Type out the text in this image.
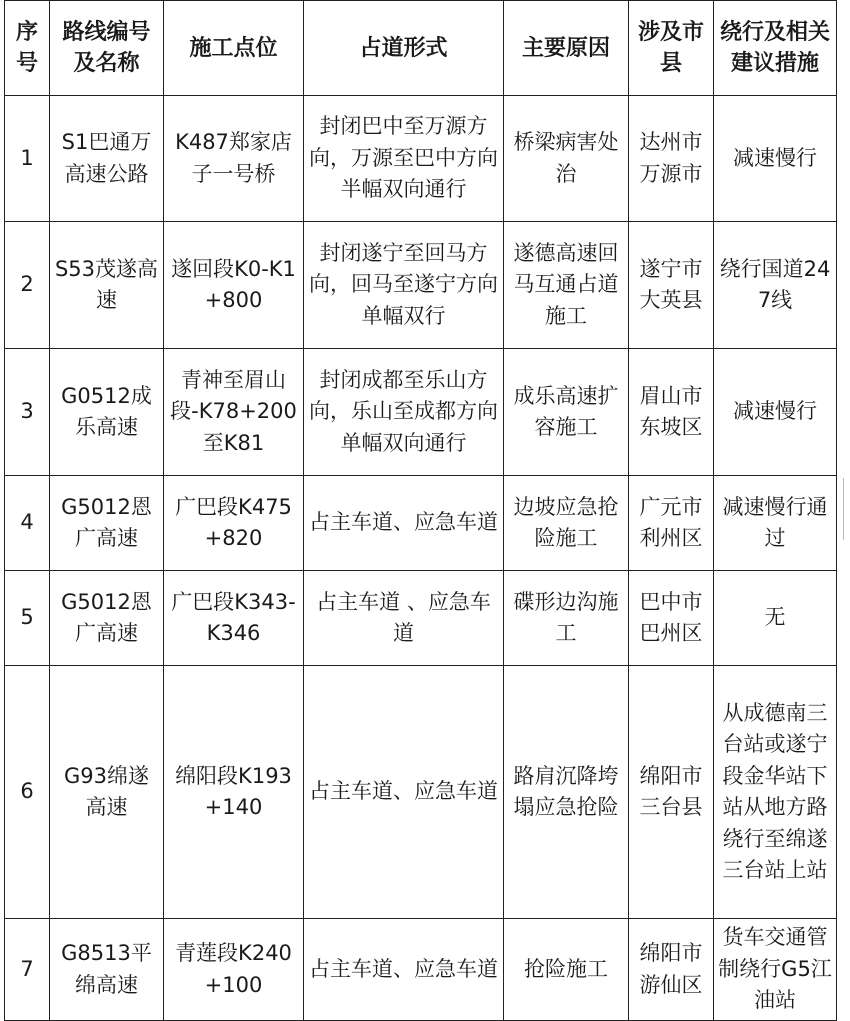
序号	路线编号及名称	施工点位	占道形式	主要原因	涉及市县	绕行及相关建议措施
1	S1巴通万高速公路	K487郑家店子一号桥	封闭巴中至万源方向，万源至巴中方向半幅双向通行	桥梁病害处治	达州市万源市	减速慢行
2	S53茂遂高速	遂回段K0-K1+800	封闭遂宁至回马方向，回马至遂宁方向单幅双行	遂德高速回马互通占道施工	遂宁市大英县	绕行国道247线
3	G0512成乐高速	青神至眉山段-K78+200至K81	封闭成都至乐山方向，乐山至成都方向单幅双向通行	成乐高速扩容施工	眉山市东坡区	减速慢行
4	G5012恩广高速	广巴段K475+820	占主车道、应急车道	边坡应急抢险施工	广元市利州区	减速慢行通过
5	G5012恩广高速	广巴段K343-K346	占主车道 、应急车道	碟形边沟施工	巴中市巴州区	无
6	G93绵遂高速	绵阳段K193+140	占主车道、应急车道	路肩沉降垮塌应急抢险	绵阳市三台县	从成德南三台站或遂宁段金华站下站从地方路绕行至绵遂三台站上站
7	G8513平绵高速	青莲段K240+100	占主车道、应急车道	抢险施工	绵阳市游仙区	货车交通管制绕行G5江油站
